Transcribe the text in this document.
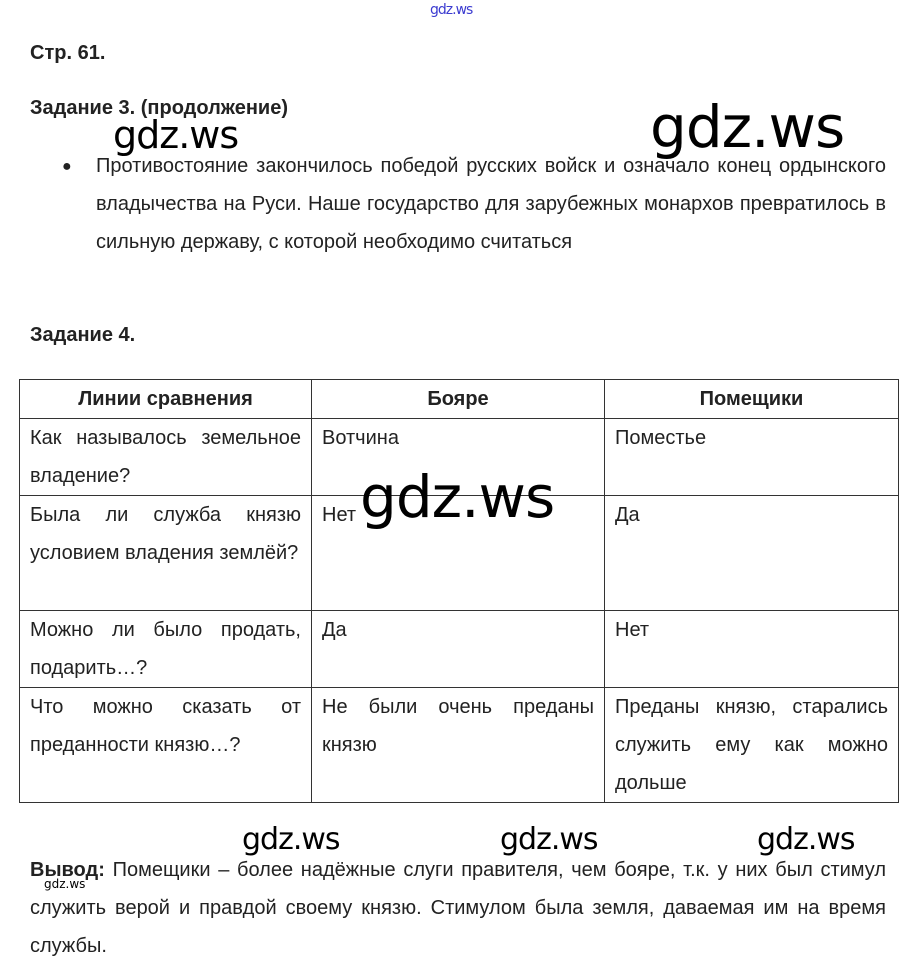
gdz.ws
Стр. 61.
Задание 3. (продолжение)
● Противостояние закончилось победой русских войск и означало конец ордынского владычества на Руси. Наше государство для зарубежных монархов превратилось в сильную державу, с которой необходимо считаться
Задание 4.
Линии сравнения	Бояре	Помещики
Как называлось земельное владение?	Вотчина	Поместье
Была ли служба князю условием владения землёй?	Нет	Да
Можно ли было продать, подарить…?	Да	Нет
Что можно сказать от преданности князю…?	Не были очень преданы князю	Преданы князю, старались служить ему как можно дольше
Вывод: Помещики – более надёжные слуги правителя, чем бояре, т.к. у них был стимул служить верой и правдой своему князю. Стимулом была земля, даваемая им на время службы.
gdz.ws	gdz.ws
gdz.ws
gdz.ws	gdz.ws	gdz.ws
gdz.ws
